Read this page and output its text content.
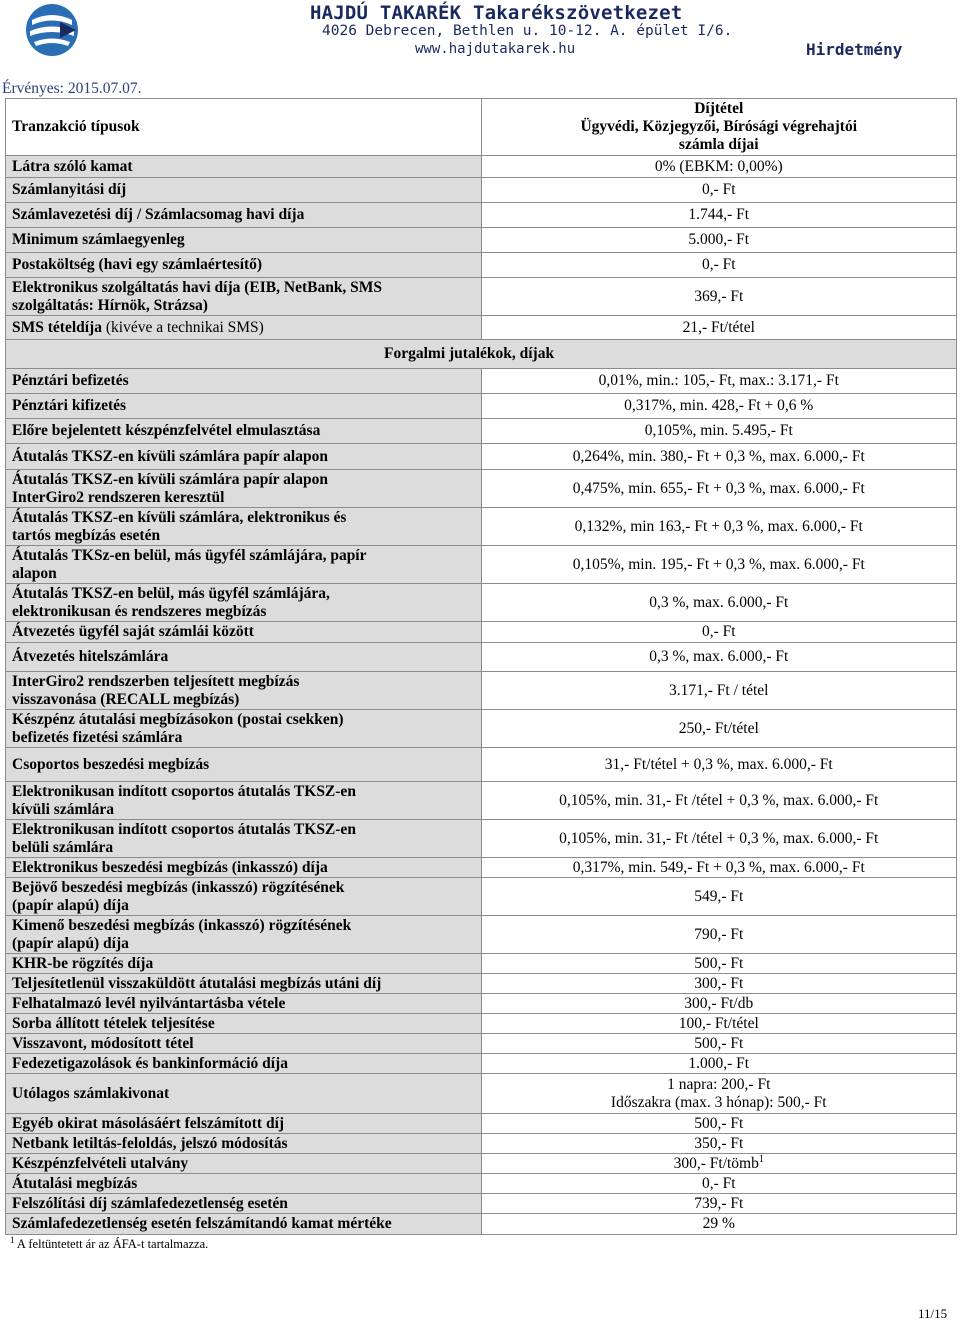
HAJDÚ TAKARÉK Takarékszövetkezet
4026 Debrecen, Bethlen u. 10-12. A. épület I/6.
www.hajdutakarek.hu	Hirdetmény
Érvényes: 2015.07.07.
Tranzakció típusok	Díjtétel
Ügyvédi, Közjegyzői, Bírósági végrehajtói
számla díjai
Látra szóló kamat	0% (EBKM: 0,00%)
Számlanyitási díj	0,- Ft
Számlavezetési díj / Számlacsomag havi díja	1.744,- Ft
Minimum számlaegyenleg	5.000,- Ft
Postaköltség (havi egy számlaértesítő)	0,- Ft
Elektronikus szolgáltatás havi díja (EIB, NetBank, SMS
szolgáltatás: Hírnök, Strázsa)	369,- Ft
SMS tételdíja (kivéve a technikai SMS)	21,- Ft/tétel
Forgalmi jutalékok, díjak	
Pénztári befizetés	0,01%, min.: 105,- Ft, max.: 3.171,- Ft
Pénztári kifizetés	0,317%, min. 428,- Ft + 0,6 %
Előre bejelentett készpénzfelvétel elmulasztása	0,105%, min. 5.495,- Ft
Átutalás TKSZ-en kívüli számlára papír alapon	0,264%, min. 380,- Ft + 0,3 %, max. 6.000,- Ft
Átutalás TKSZ-en kívüli számlára papír alapon
InterGiro2 rendszeren keresztül	0,475%, min. 655,- Ft + 0,3 %, max. 6.000,- Ft
Átutalás TKSZ-en kívüli számlára, elektronikus és
tartós megbízás esetén	0,132%, min 163,- Ft + 0,3 %, max. 6.000,- Ft
Átutalás TKSz-en belül, más ügyfél számlájára, papír
alapon	0,105%, min. 195,- Ft + 0,3 %, max. 6.000,- Ft
Átutalás TKSZ-en belül, más ügyfél számlájára,
elektronikusan és rendszeres megbízás	0,3 %, max. 6.000,- Ft
Átvezetés ügyfél saját számlái között	0,- Ft
Átvezetés hitelszámlára	0,3 %, max. 6.000,- Ft
InterGiro2 rendszerben teljesített megbízás
visszavonása (RECALL megbízás)	3.171,- Ft / tétel
Készpénz átutalási megbízásokon (postai csekken)
befizetés fizetési számlára	250,- Ft/tétel
Csoportos beszedési megbízás	31,- Ft/tétel + 0,3 %, max. 6.000,- Ft
Elektronikusan indított csoportos átutalás TKSZ-en
kívüli számlára	0,105%, min. 31,- Ft /tétel + 0,3 %, max. 6.000,- Ft
Elektronikusan indított csoportos átutalás TKSZ-en
belüli számlára	0,105%, min. 31,- Ft /tétel + 0,3 %, max. 6.000,- Ft
Elektronikus beszedési megbízás (inkasszó) díja	0,317%, min. 549,- Ft + 0,3 %, max. 6.000,- Ft
Bejövő beszedési megbízás (inkasszó) rögzítésének
(papír alapú) díja	549,- Ft
Kimenő beszedési megbízás (inkasszó) rögzítésének
(papír alapú) díja	790,- Ft
KHR-be rögzítés díja	500,- Ft
Teljesítetlenül visszaküldött átutalási megbízás utáni díj	300,- Ft
Felhatalmazó levél nyilvántartásba vétele	300,- Ft/db
Sorba állított tételek teljesítése	100,- Ft/tétel
Visszavont, módosított tétel	500,- Ft
Fedezetigazolások és bankinformáció díja	1.000,- Ft
Utólagos számlakivonat	1 napra: 200,- Ft
Időszakra (max. 3 hónap): 500,- Ft
Egyéb okirat másolásáért felszámított díj	500,- Ft
Netbank letiltás-feloldás, jelszó módosítás	350,- Ft
Készpénzfelvételi utalvány	300,- Ft/tömb$^1$
Átutalási megbízás	0,- Ft
Felszólítási díj számlafedezetlenség esetén	739,- Ft
Számlafedezetlenség esetén felszámítandó kamat mértéke	29 %
$^1$ A feltüntetett ár az ÁFA-t tartalmazza.
11/15
